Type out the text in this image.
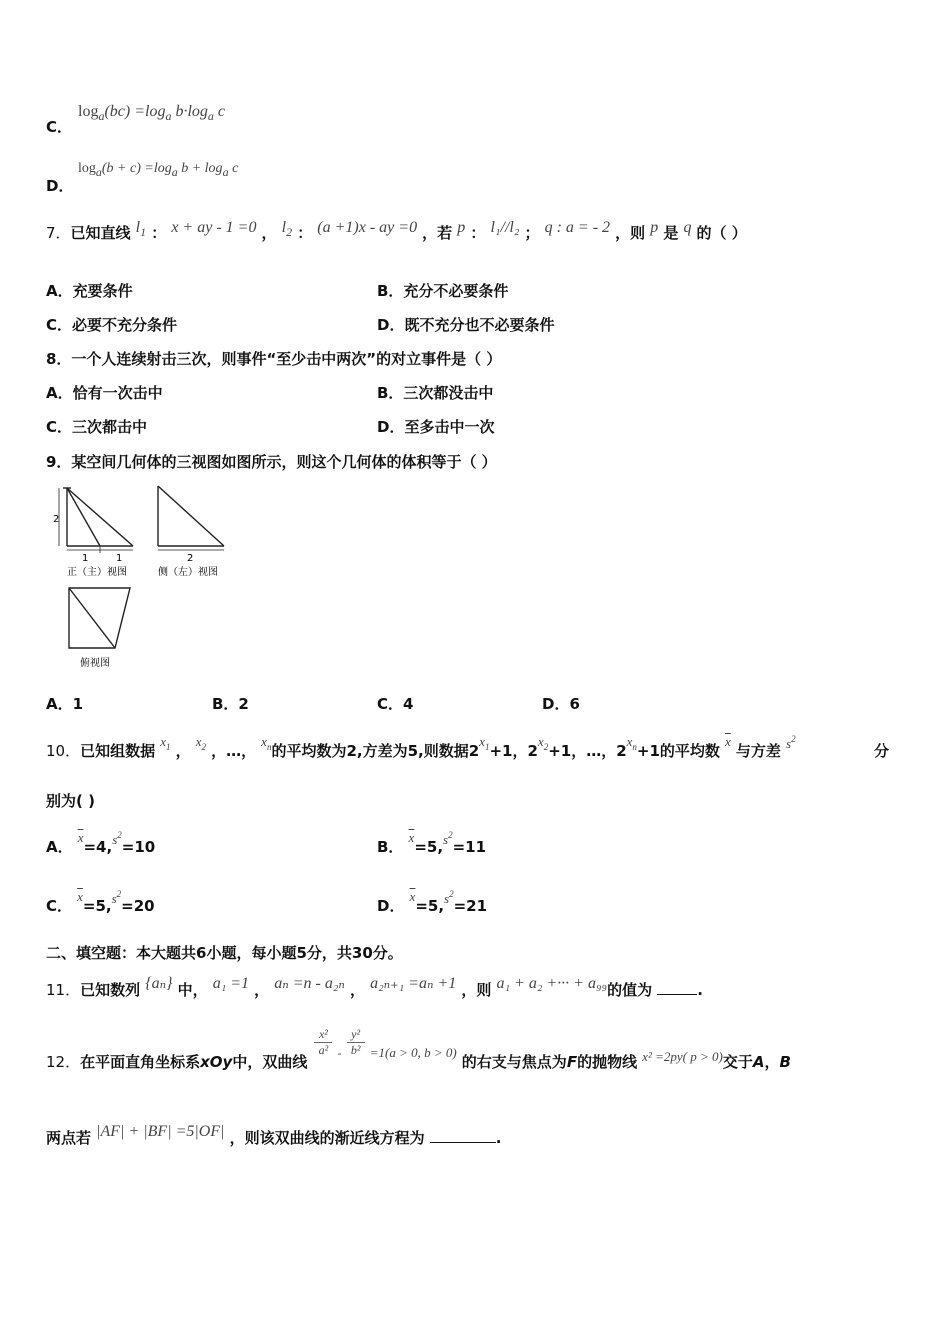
C．
$\log_a(bc) =\log_a$ $b\cdot\log_a$ c
D．
$\log_a(b + c) =\log_a$ $b + \log_a c$
7．已知直线 $l_1$ ： x + ay - 1 =0 ， $l_2$ ： (a +1)x - ay =0 ，若 p ： l₁//l₂ ； q : a = - 2 ，则 p 是 q 的（ ）
A．充要条件	B．充分不必要条件
C．必要不充分条件	D．既不充分也不必要条件
8．一个人连续射击三次，则事件“至少击中两次”的对立事件是（ ）
A．恰有一次击中	B．三次都没击中
C．三次都击中	D．至多击中一次
9．某空间几何体的三视图如图所示，则这个几何体的体积等于（ ）
2
1	1
正（主）视图
2
侧（左）视图
俯视图
A．1	B．2	C．4	D．6
10．已知组数据 $^x_1$ ， $^x_2$ ，…， $^x_n$的平均数为2,方差为5,则数据$2^x_1+1$，$2^x_2+1$，…，$2^x_n+1$的平均数 $^{\overline{x}}$ 与方差 $^{s2}$
分
别为( )
A． $^{\overline{x}}$=4,$^{s2}$=10	B． $^{\overline{x}}$=5,$^{s2}$=11
C． $^{\overline{x}}$=5,$^{s2}$=20	D． $^{\overline{x}}$=5,$^{s2}$=21
二、填空题：本大题共6小题，每小题5分，共30分。
11．已知数列 {aₙ} 中， a₁ =1 ， aₙ =n - a₂ₙ ， a₂ₙ₊₁ =aₙ +1 ，则 a₁ + a₂ +··· + a₉₉的值为	.
12．在平面直角坐标系xOy中，双曲线
$\frac{\text{x²}}{\text{a²}} _- \frac{\text{y²}}{\text{b²}} _{=1(a > 0, b > 0)}$ 的右支与焦点为F的抛物线 $_{x^2 =2py( p > 0)}$交于A，B
两点若 |AF| + |BF| =5|OF| ，则该双曲线的渐近线方程为	.
